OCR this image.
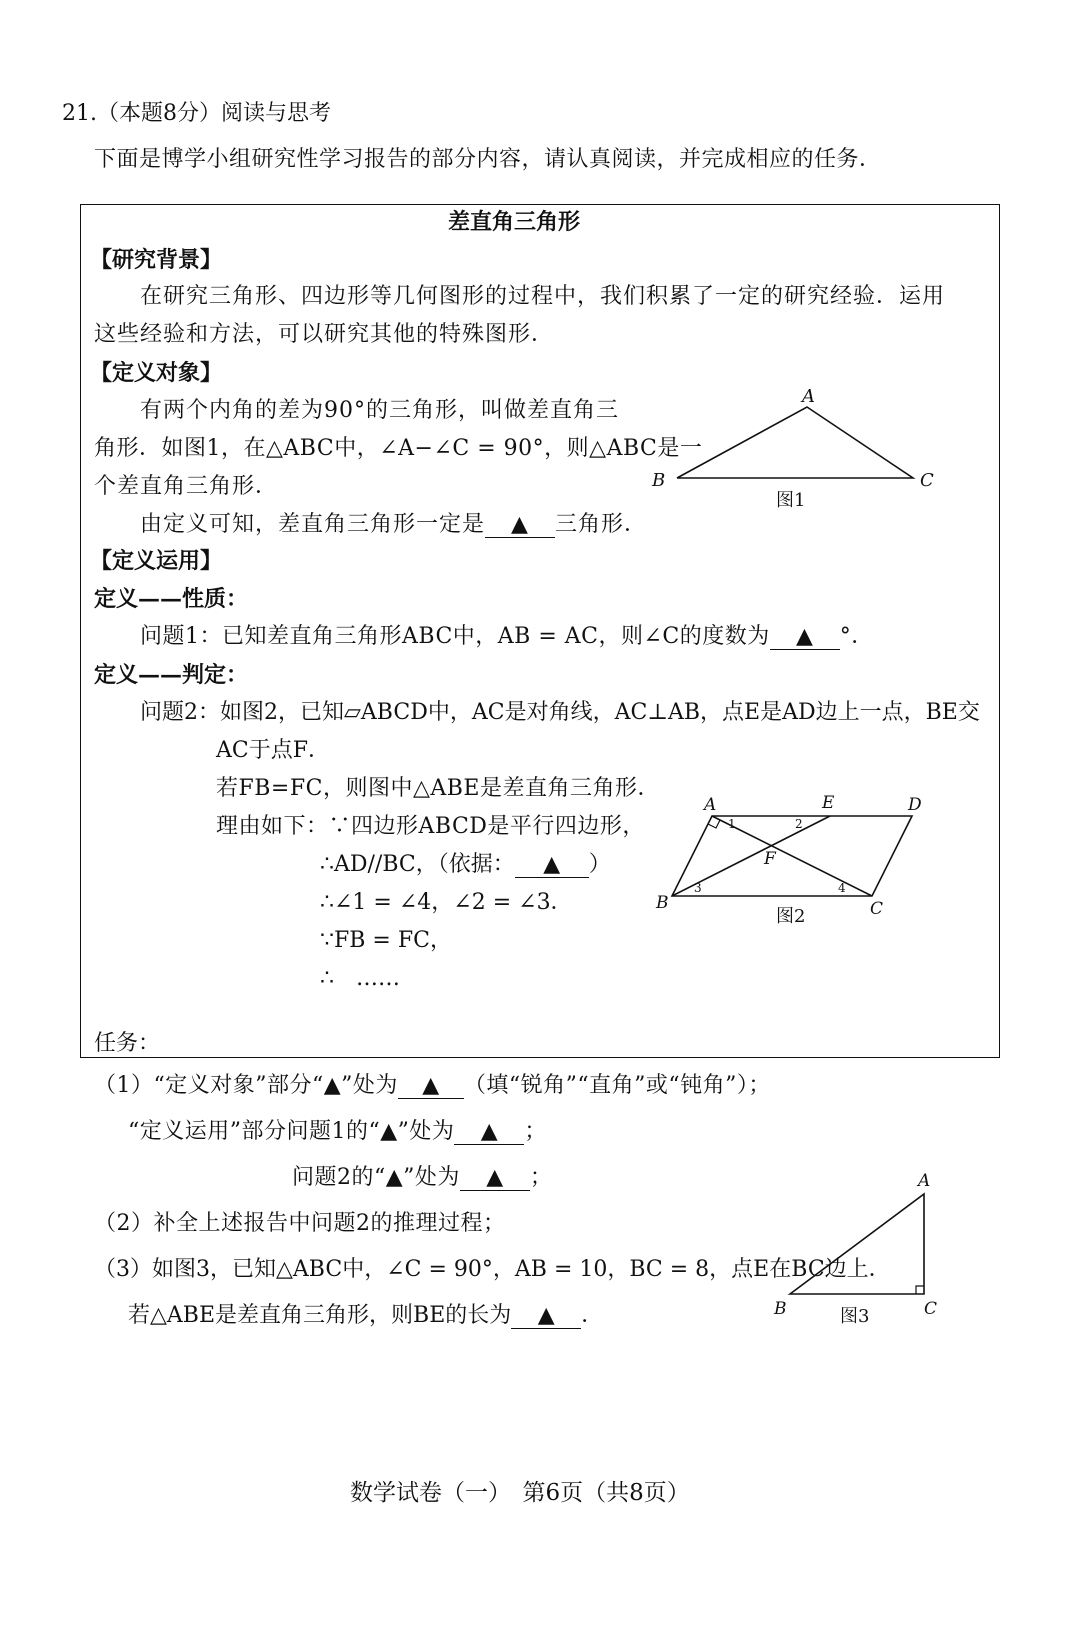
21.（本题8分）阅读与思考
下面是博学小组研究性学习报告的部分内容，请认真阅读，并完成相应的任务．
差直角三角形
【研究背景】
在研究三角形、四边形等几何图形的过程中，我们积累了一定的研究经验．运用
这些经验和方法，可以研究其他的特殊图形．
【定义对象】
有两个内角的差为90°的三角形，叫做差直角三
角形．如图1，在△ABC中，∠A−∠C = 90°，则△ABC是一
个差直角三角形．
由定义可知，差直角三角形一定是 ▲ 三角形．
A
B	C
图1
【定义运用】
定义——性质：
问题1：已知差直角三角形ABC中，AB = AC，则∠C的度数为 ▲ °．
定义——判定：
问题2：如图2，已知▱ABCD中，AC是对角线，AC⊥AB，点E是AD边上一点，BE交
AC于点F．
若FB=FC，则图中△ABE是差直角三角形．
理由如下：∵四边形ABCD是平行四边形，
∴AD//BC，（依据： ▲ ）
∴∠1 = ∠4，∠2 = ∠3．
∵FB = FC，
∴　……
A	E	D
F
B	C
1	2
3	4
图2
任务：
（1）“定义对象”部分“▲”处为 ▲ （填“锐角”“直角”或“钝角”）；
“定义运用”部分问题1的“▲”处为 ▲ ；
问题2的“▲”处为 ▲ ；
（2）补全上述报告中问题2的推理过程；
（3）如图3，已知△ABC中，∠C = 90°，AB = 10，BC = 8，点E在BC边上．
若△ABE是差直角三角形，则BE的长为 ▲ ．
A
B	C
图3
数学试卷（一）　第6页（共8页）
